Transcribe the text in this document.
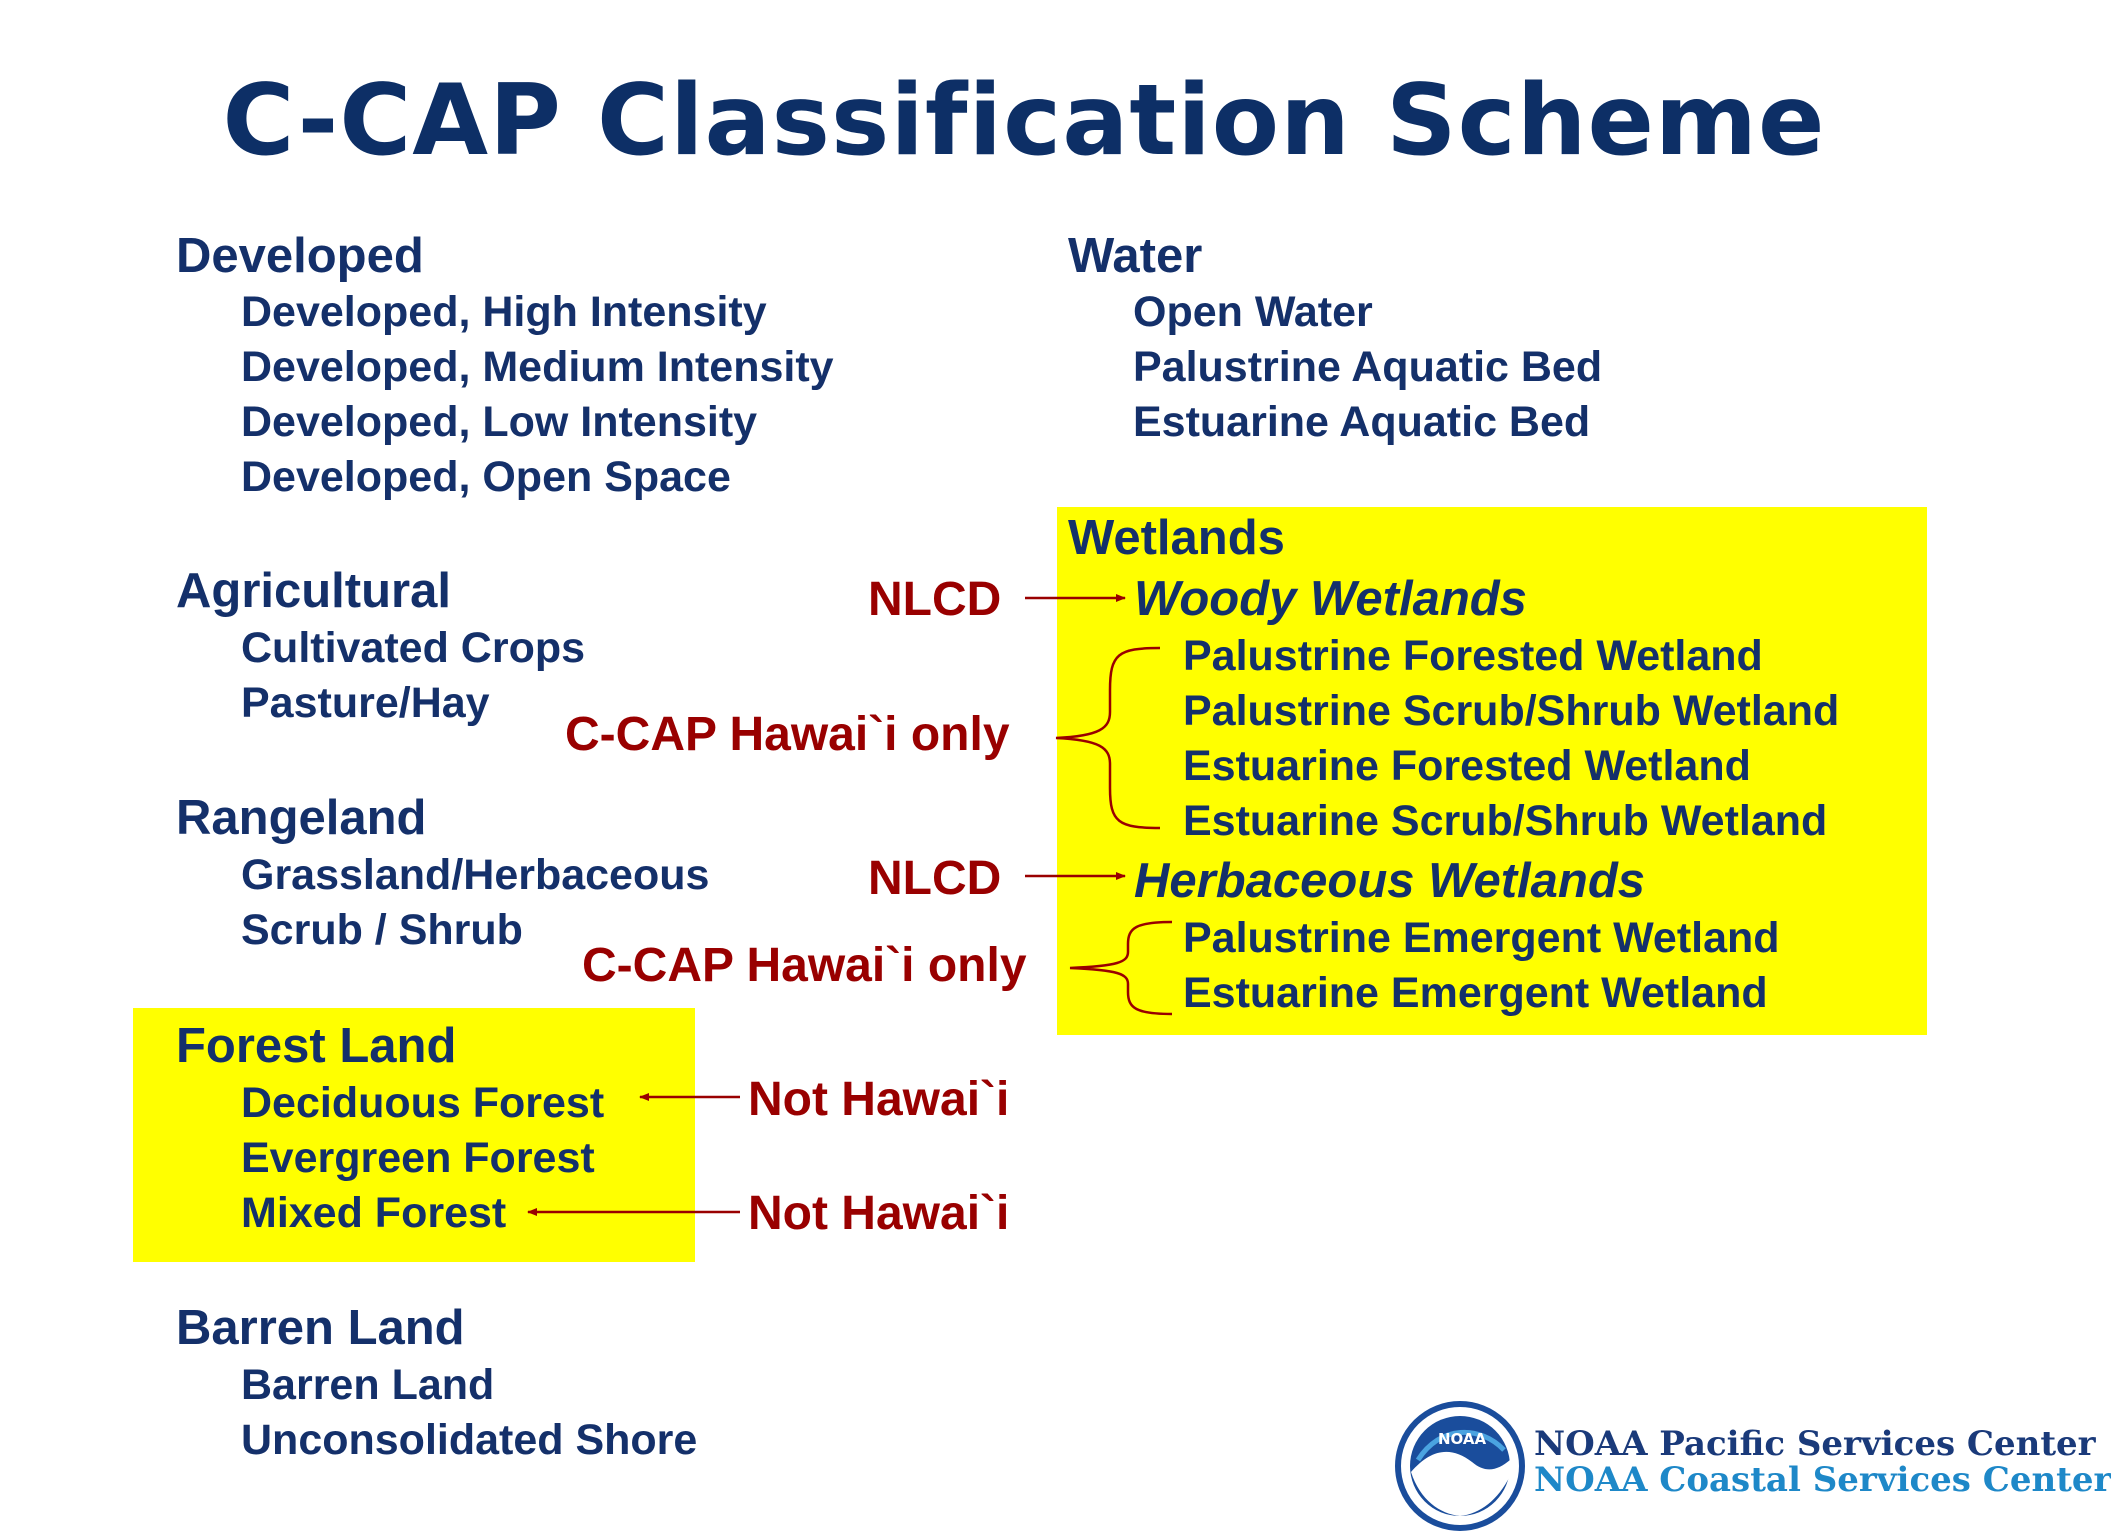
C-CAP Classification Scheme
Developed
Developed, High Intensity
Developed, Medium Intensity
Developed, Low Intensity
Developed, Open Space
Agricultural
Cultivated Crops
Pasture/Hay
Rangeland
Grassland/Herbaceous
Scrub / Shrub
Forest Land
Deciduous Forest
Evergreen Forest
Mixed Forest
Barren Land
Barren Land
Unconsolidated Shore
Water
Open Water
Palustrine Aquatic Bed
Estuarine Aquatic Bed
Wetlands
Woody Wetlands
Palustrine Forested Wetland
Palustrine Scrub/Shrub Wetland
Estuarine Forested Wetland
Estuarine Scrub/Shrub Wetland
Herbaceous Wetlands
Palustrine Emergent Wetland
Estuarine Emergent Wetland
NLCD
NLCD
C-CAP Hawai`i only
C-CAP Hawai`i only
Not Hawai`i
Not Hawai`i
NOAA NOAA Pacific Services Center
NOAA Coastal Services Center
